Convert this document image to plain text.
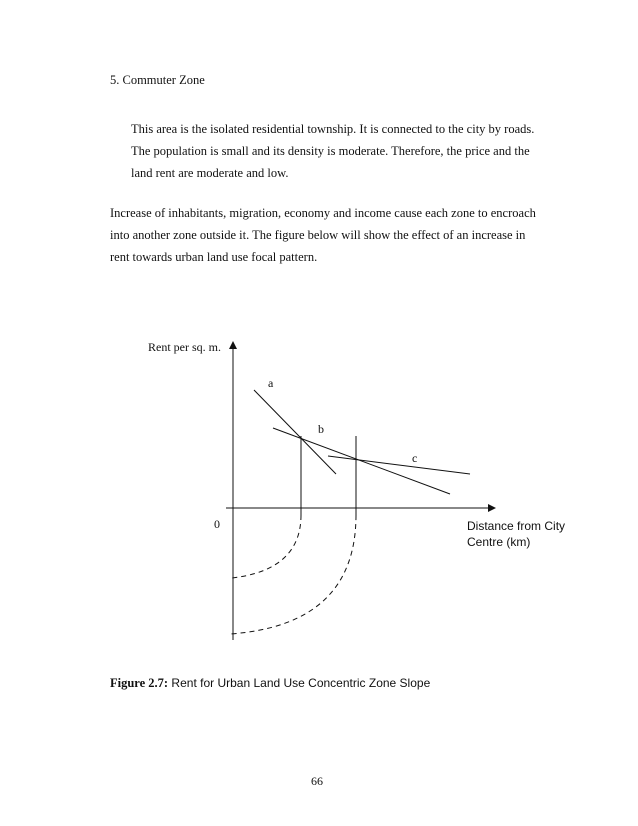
5. Commuter Zone
This area is the isolated residential township. It is connected to the city by roads.
The population is small and its density is moderate. Therefore, the price and the
land rent are moderate and low.
Increase of inhabitants, migration, economy and income cause each zone to encroach
into another zone outside it. The figure below will show the effect of an increase in
rent towards urban land use focal pattern.
Rent per sq. m.
a
b
c
0	Distance from City
Centre (km)
Figure 2.7: Rent for Urban Land Use Concentric Zone Slope
66
